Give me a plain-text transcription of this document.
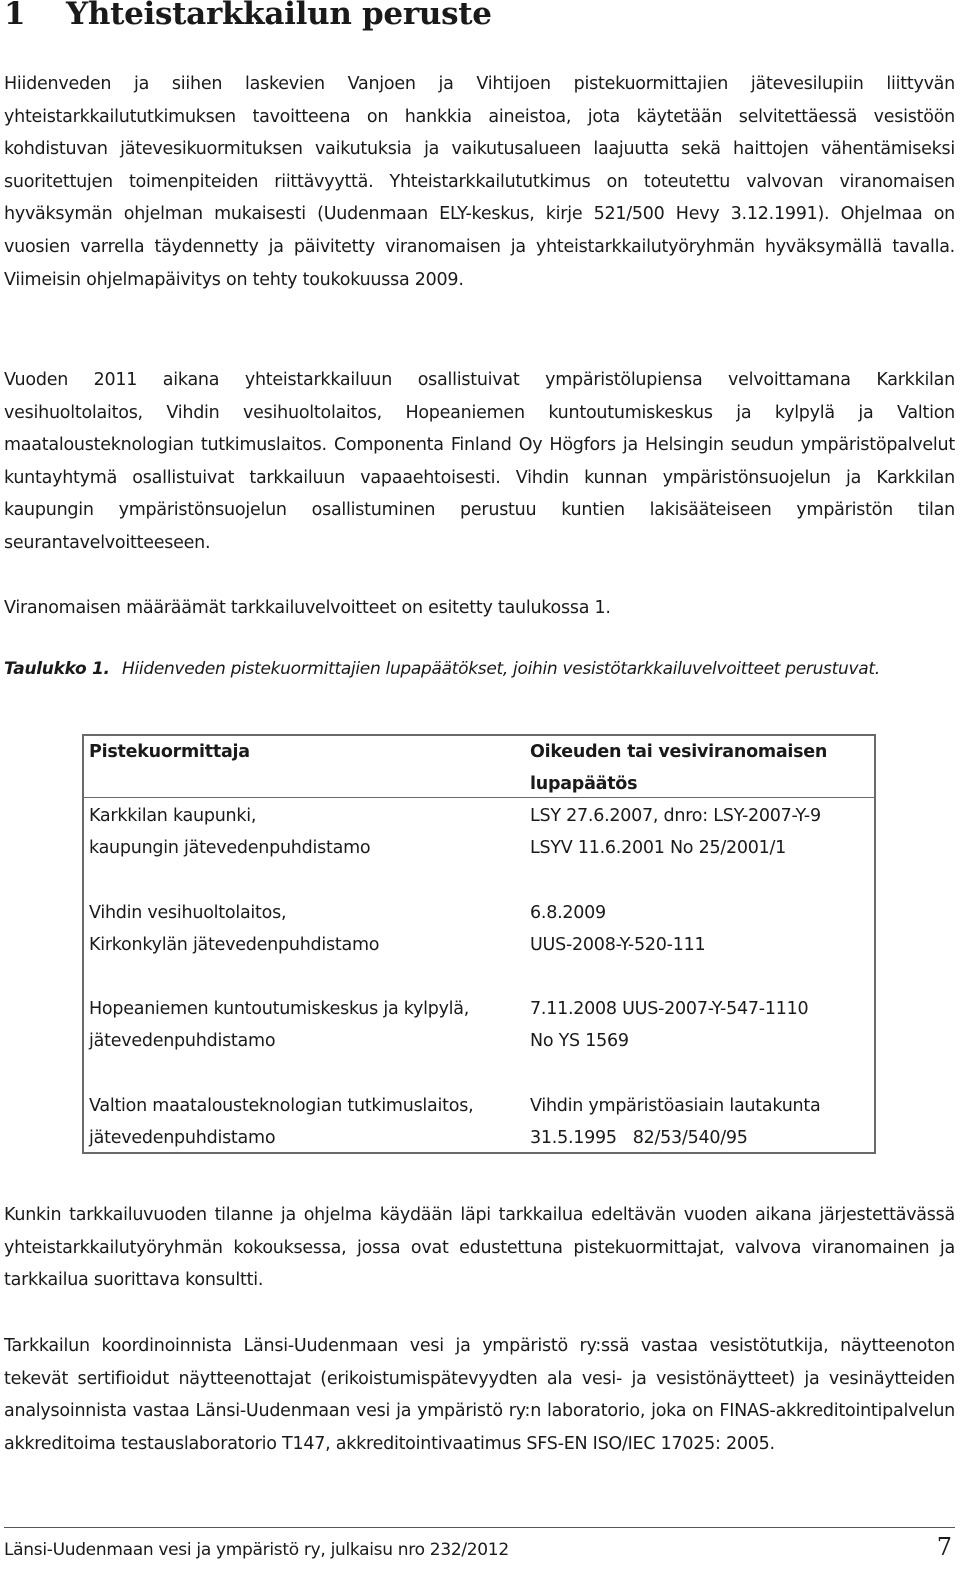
1 Yhteistarkkailun peruste

Hiidenveden ja siihen laskevien Vanjoen ja Vihtijoen pistekuormittajien jätevesilupiin liittyvän yhteistarkkailututkimuksen tavoitteena on hankkia aineistoa, jota käytetään selvitettäessä vesistöön kohdistuvan jätevesikuormituksen vaikutuksia ja vaikutusalueen laajuutta sekä haittojen vähentämiseksi suoritettujen toimenpiteiden riittävyyttä. Yhteistarkkailututkimus on toteutettu valvovan viranomaisen hyväksymän ohjelman mukaisesti (Uudenmaan ELY-keskus, kirje 521/500 Hevy 3.12.1991). Ohjelmaa on vuosien varrella täydennetty ja päivitetty viranomaisen ja yhteistarkkailutyöryhmän hyväksymällä tavalla. Viimeisin ohjelmapäivitys on tehty toukokuussa 2009.

Vuoden 2011 aikana yhteistarkkailuun osallistuivat ympäristölupiensa velvoittamana Karkkilan vesihuoltolaitos, Vihdin vesihuoltolaitos, Hopeaniemen kuntoutumiskeskus ja kylpylä ja Valtion maatalousteknologian tutkimuslaitos. Componenta Finland Oy Högfors ja Helsingin seudun ympäristöpalvelut kuntayhtymä osallistuivat tarkkailuun vapaaehtoisesti. Vihdin kunnan ympäristönsuojelun ja Karkkilan kaupungin ympäristönsuojelun osallistuminen perustuu kuntien lakisääteiseen ympäristön tilan seurantavelvoitteeseen.

Viranomaisen määräämät tarkkailuvelvoitteet on esitetty taulukossa 1.

Taulukko 1. Hiidenveden pistekuormittajien lupapäätökset, joihin vesistötarkkailuvelvoitteet perustuvat.
Pistekuormittaja	Oikeuden tai vesiviranomaisen
lupapäätös
Karkkilan kaupunki,
kaupungin jätevedenpuhdistamo
LSY 27.6.2007, dnro: LSY-2007-Y-9
LSYV 11.6.2001 No 25/2001/1
Vihdin vesihuoltolaitos,
Kirkonkylän jätevedenpuhdistamo
6.8.2009
UUS-2008-Y-520-111
Hopeaniemen kuntoutumiskeskus ja kylpylä,
jätevedenpuhdistamo
7.11.2008 UUS-2007-Y-547-1110
No YS 1569
Valtion maatalousteknologian tutkimuslaitos,
jätevedenpuhdistamo
Vihdin ympäristöasiain lautakunta
31.5.1995   82/53/540/95

Kunkin tarkkailuvuoden tilanne ja ohjelma käydään läpi tarkkailua edeltävän vuoden aikana järjestettävässä yhteistarkkailutyöryhmän kokouksessa, jossa ovat edustettuna pistekuormittajat, valvova viranomainen ja tarkkailua suorittava konsultti.

Tarkkailun koordinoinnista Länsi-Uudenmaan vesi ja ympäristö ry:ssä vastaa vesistötutkija, näytteenoton tekevät sertifioidut näytteenottajat (erikoistumispätevyydten ala vesi- ja vesistönäytteet) ja vesinäytteiden analysoinnista vastaa Länsi-Uudenmaan vesi ja ympäristö ry:n laboratorio, joka on FINAS-akkreditointipalvelun akkreditoima testauslaboratorio T147, akkreditointivaatimus SFS-EN ISO/IEC 17025: 2005.

Länsi-Uudenmaan vesi ja ympäristö ry, julkaisu nro 232/2012	7
